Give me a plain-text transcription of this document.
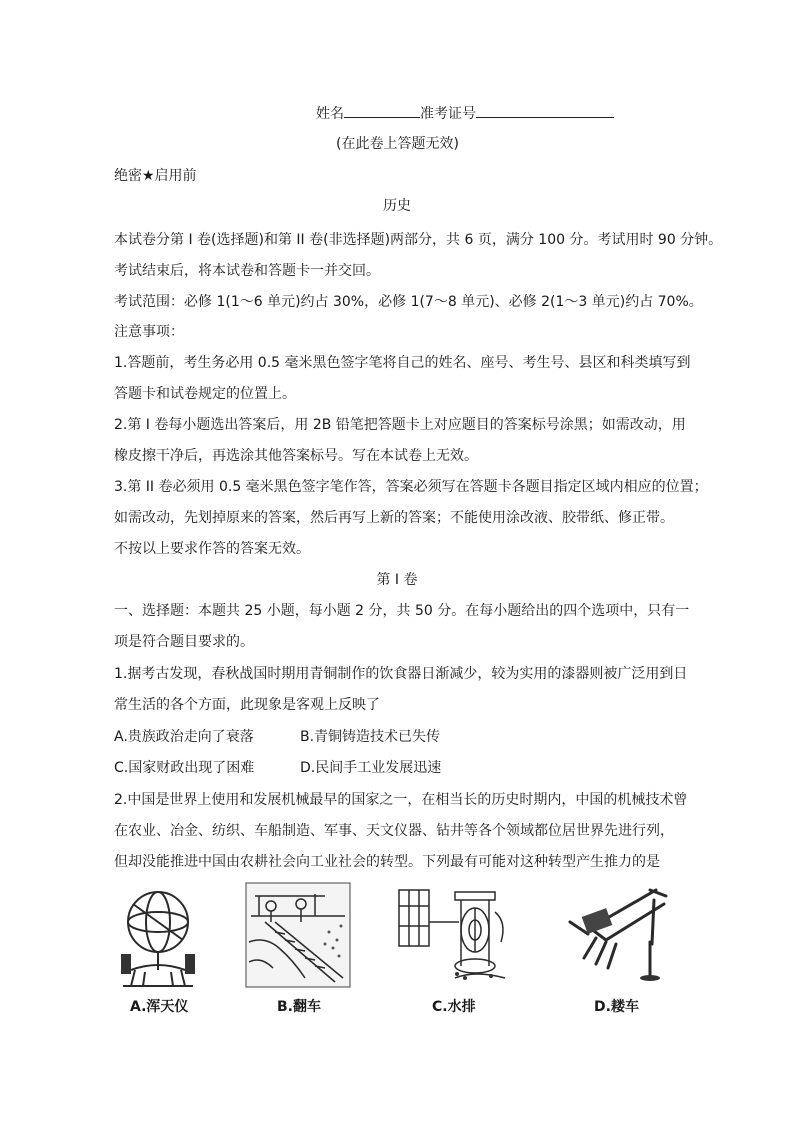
姓名	准考证号
(在此卷上答题无效)
绝密★启用前
历史
本试卷分第 I 卷(选择题)和第 II 卷(非选择题)两部分，共 6 页，满分 100 分。考试用时 90 分钟。
考试结束后，将本试卷和答题卡一并交回。
考试范围：必修 1(1～6 单元)约占 30%，必修 1(7～8 单元)、必修 2(1～3 单元)约占 70%。
注意事项：
1.答题前，考生务必用 0.5 毫米黑色签字笔将自己的姓名、座号、考生号、县区和科类填写到
答题卡和试卷规定的位置上。
2.第 I 卷每小题选出答案后，用 2B 铅笔把答题卡上对应题目的答案标号涂黑；如需改动，用
橡皮擦干净后，再选涂其他答案标号。写在本试卷上无效。
3.第 II 卷必须用 0.5 毫米黑色签字笔作答，答案必须写在答题卡各题目指定区域内相应的位置；
如需改动，先划掉原来的答案，然后再写上新的答案；不能使用涂改液、胶带纸、修正带。
不按以上要求作答的答案无效。
第 I 卷
一、选择题：本题共 25 小题，每小题 2 分，共 50 分。在每小题给出的四个选项中，只有一
项是符合题目要求的。
1.据考古发现，春秋战国时期用青铜制作的饮食器日渐减少，较为实用的漆器则被广泛用到日
常生活的各个方面，此现象是客观上反映了
A.贵族政治走向了衰落	B.青铜铸造技术已失传
C.国家财政出现了困难	D.民间手工业发展迅速
2.中国是世界上使用和发展机械最早的国家之一，在相当长的历史时期内，中国的机械技术曾
在农业、冶金、纺织、车船制造、军事、天文仪器、钻井等各个领域都位居世界先进行列，
但却没能推进中国由农耕社会向工业社会的转型。下列最有可能对这种转型产生推力的是
A.浑天仪	B.翻车	C.水排	D.耧车
